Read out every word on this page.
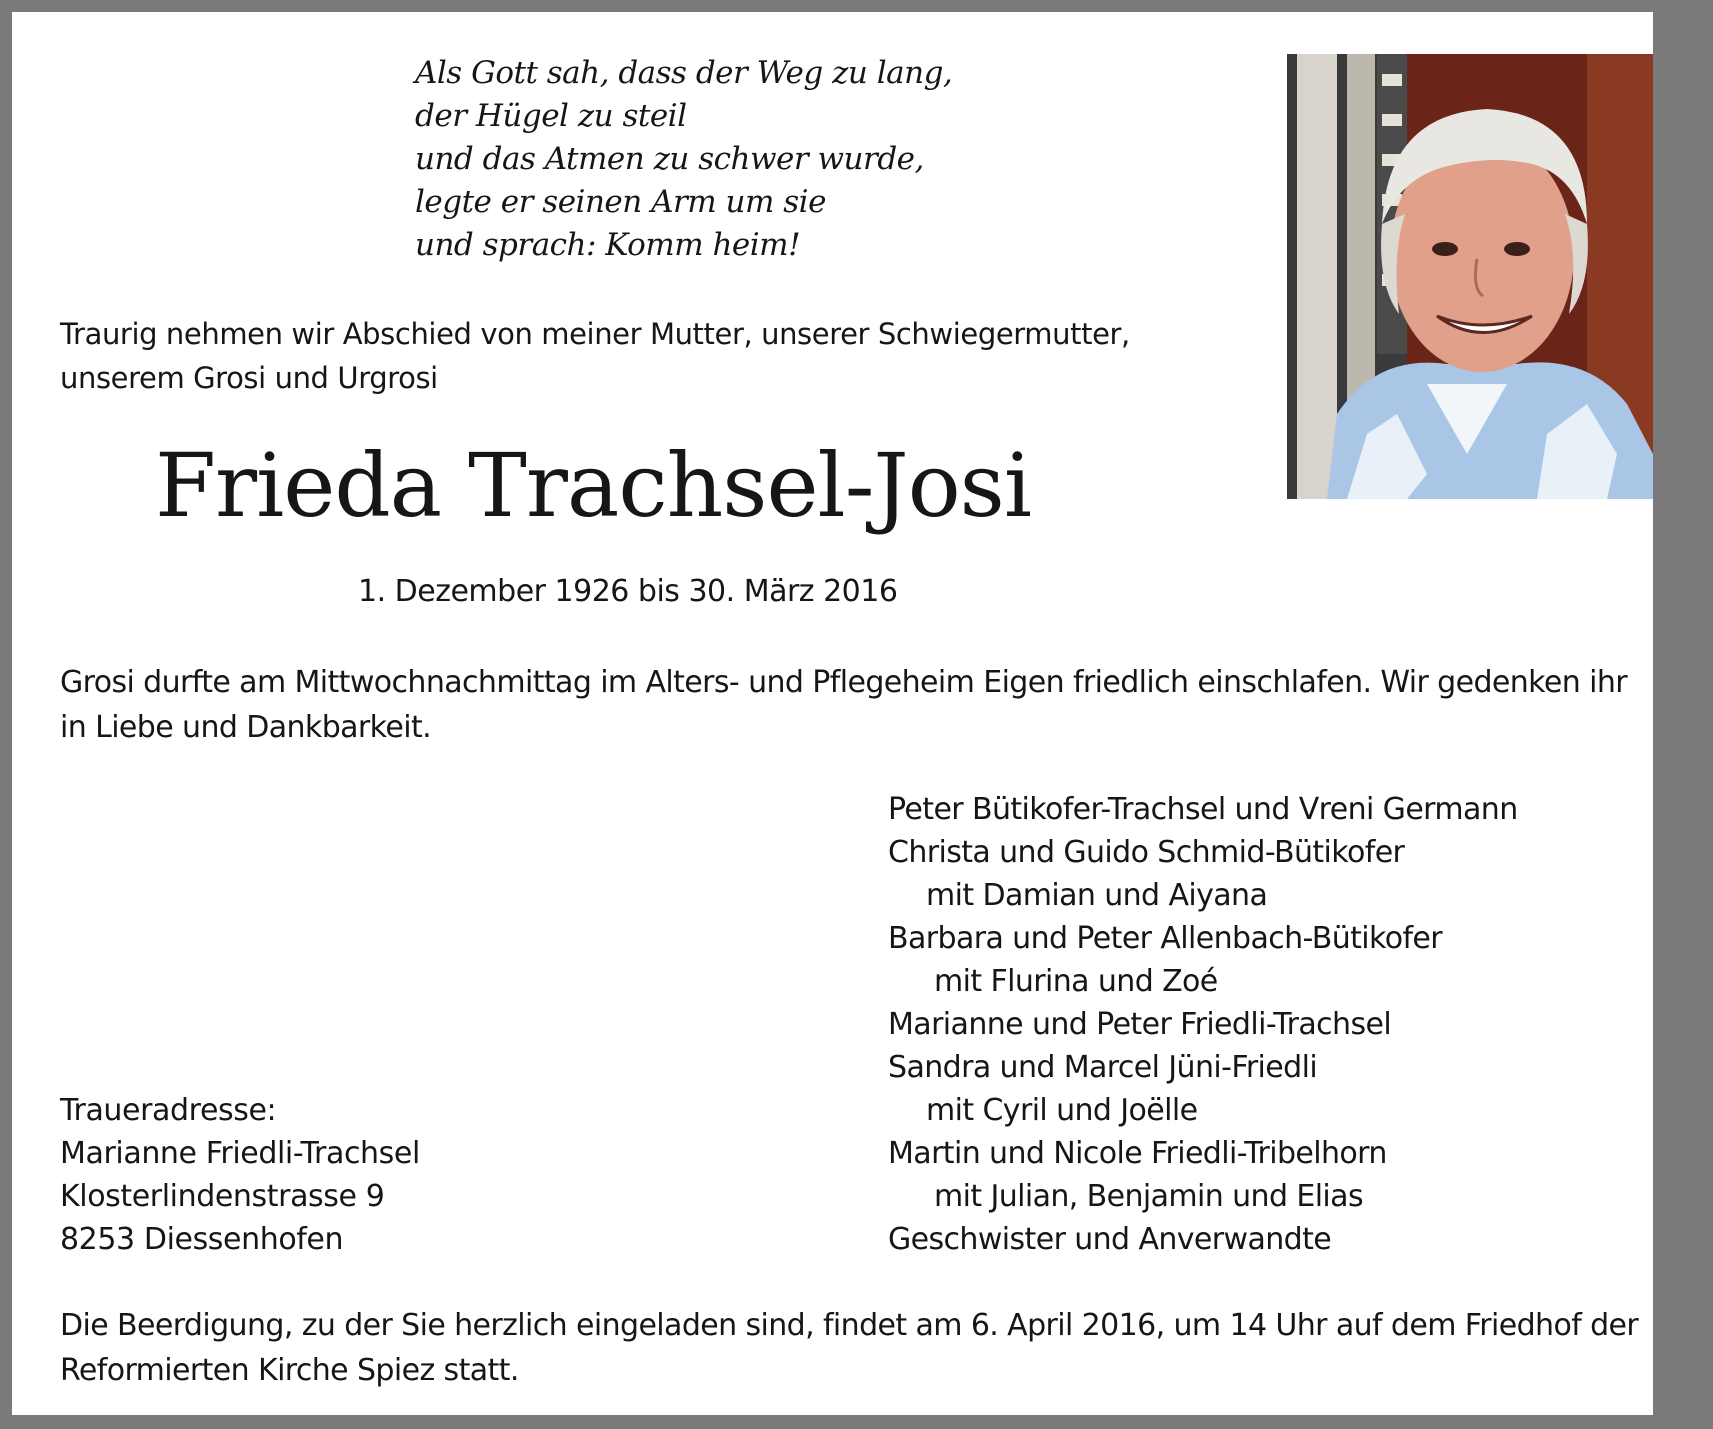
Als Gott sah, dass der Weg zu lang,
der Hügel zu steil
und das Atmen zu schwer wurde,
legte er seinen Arm um sie
und sprach: Komm heim!
Traurig nehmen wir Abschied von meiner Mutter, unserer Schwiegermutter,
unserem Grosi und Urgrosi
Frieda Trachsel-Josi
1. Dezember 1926 bis 30. März 2016
Grosi durfte am Mittwochnachmittag im Alters- und Pflegeheim Eigen friedlich einschlafen. Wir gedenken ihr
in Liebe und Dankbarkeit.
Peter Bütikofer-Trachsel und Vreni Germann
Christa und Guido Schmid-Bütikofer
mit Damian und Aiyana
Barbara und Peter Allenbach-Bütikofer
mit Flurina und Zoé
Marianne und Peter Friedli-Trachsel
Sandra und Marcel Jüni-Friedli
mit Cyril und Joëlle
Martin und Nicole Friedli-Tribelhorn
mit Julian, Benjamin und Elias
Geschwister und Anverwandte
Traueradresse:
Marianne Friedli-Trachsel
Klosterlindenstrasse 9
8253 Diessenhofen
Die Beerdigung, zu der Sie herzlich eingeladen sind, findet am 6. April 2016, um 14 Uhr auf dem Friedhof der
Reformierten Kirche Spiez statt.
